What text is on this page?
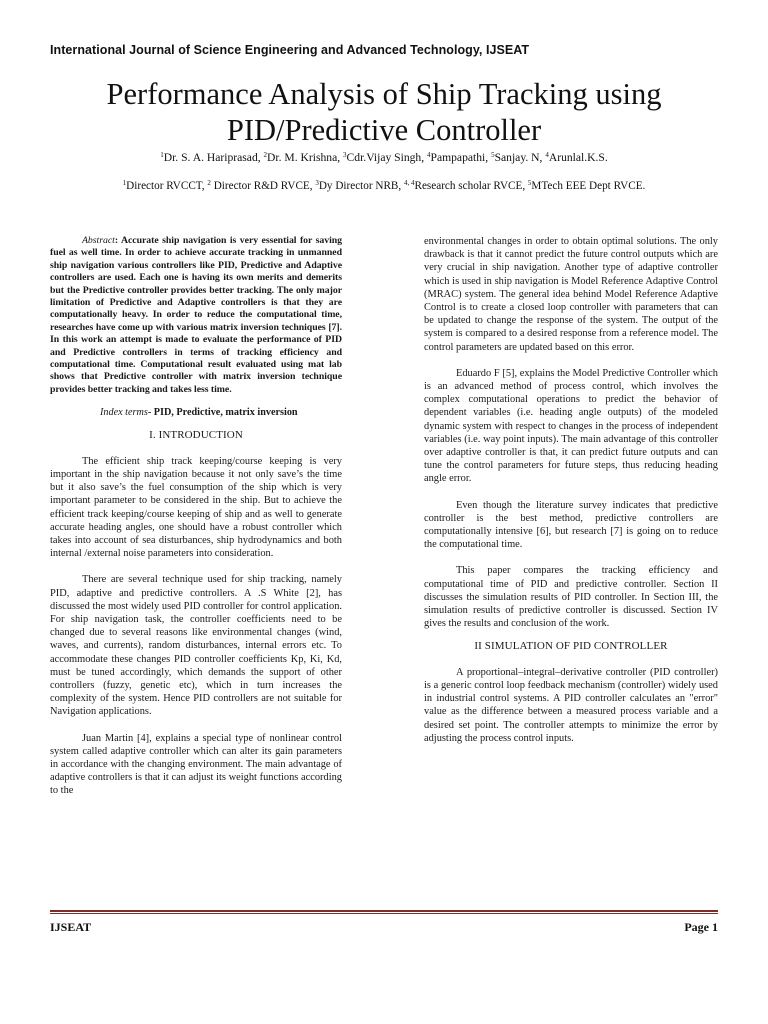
International Journal of Science Engineering and Advanced Technology, IJSEAT
Performance Analysis of Ship Tracking using
PID/Predictive Controller
$^1$Dr. S. A. Hariprasad, $^2$Dr. M. Krishna, $^3$Cdr.Vijay Singh, $^4$Pampapathi, $^5$Sanjay. N, $^4$Arunlal.K.S.
$^1$Director RVCCT, $^2$ Director R&D RVCE, $^3$Dy Director NRB, $^{4, 4}$Research scholar RVCE, $^5$MTech EEE Dept RVCE.

Abstract: Accurate ship navigation is very essential for saving fuel as well time. In order to achieve accurate tracking in unmanned ship navigation various controllers like PID, Predictive and Adaptive controllers are used. Each one is having its own merits and demerits but the Predictive controller provides better tracking. The only major limitation of Predictive and Adaptive controllers is that they are computationally heavy. In order to reduce the computational time, researches have come up with various matrix inversion techniques [7]. In this work an attempt is made to evaluate the performance of PID and Predictive controllers in terms of tracking efficiency and computational time. Computational result evaluated using mat lab shows that Predictive controller with matrix inversion technique provides better tracking and takes less time.

Index terms- PID, Predictive, matrix inversion

I. INTRODUCTION

The efficient ship track keeping/course keeping is very important in the ship navigation because it not only save’s the time but it also save’s the fuel consumption of the ship which is very important parameter to be considered in the ship. But to achieve the efficient track keeping/course keeping of ship and as well to generate accurate heading angles, one should have a robust controller which takes into account of sea disturbances, ship hydrodynamics and both internal /external noise parameters into consideration.

There are several technique used for ship tracking, namely PID, adaptive and predictive controllers. A .S White [2], has discussed the most widely used PID controller for control application. For ship navigation task, the controller coefficients need to be changed due to several reasons like environmental changes (wind, waves, and currents), random disturbances, internal errors etc. To accommodate these changes PID controller coefficients Kp, Ki, Kd, must be tuned accordingly, which demands the support of other controllers (fuzzy, genetic etc), which in turn increases the complexity of the system. Hence PID controllers are not suitable for Navigation applications.

Juan Martin [4], explains a special type of nonlinear control system called adaptive controller which can alter its gain parameters in accordance with the changing environment. The main advantage of adaptive controllers is that it can adjust its weight functions according to the

environmental changes in order to obtain optimal solutions. The only drawback is that it cannot predict the future control outputs which are very crucial in ship navigation. Another type of adaptive controller which is used in ship navigation is Model Reference Adaptive Control (MRAC) system. The general idea behind Model Reference Adaptive Control is to create a closed loop controller with parameters that can be updated to change the response of the system. The output of the system is compared to a desired response from a reference model. The control parameters are updated based on this error.

Eduardo F [5], explains the Model Predictive Controller which is an advanced method of process control, which involves the complex computational operations to predict the behavior of dependent variables (i.e. heading angle outputs) of the modeled dynamic system with respect to changes in the process of independent variables (i.e. way point inputs). The main advantage of this controller over adaptive controller is that, it can predict future outputs and can tune the control parameters for future steps, thus reducing heading angle error.

Even though the literature survey indicates that predictive controller is the best method, predictive controllers are computationally intensive [6], but research [7] is going on to reduce the computational time.

This paper compares the tracking efficiency and computational time of PID and predictive controller. Section II discusses the simulation results of PID controller. In Section III, the simulation results of predictive controller is discussed. Section IV gives the results and conclusion of the work.

II SIMULATION OF PID CONTROLLER

A proportional–integral–derivative controller (PID controller) is a generic control loop feedback mechanism (controller) widely used in industrial control systems. A PID controller calculates an "error" value as the difference between a measured process variable and a desired set point. The controller attempts to minimize the error by adjusting the process control inputs.

IJSEAT	Page 1
